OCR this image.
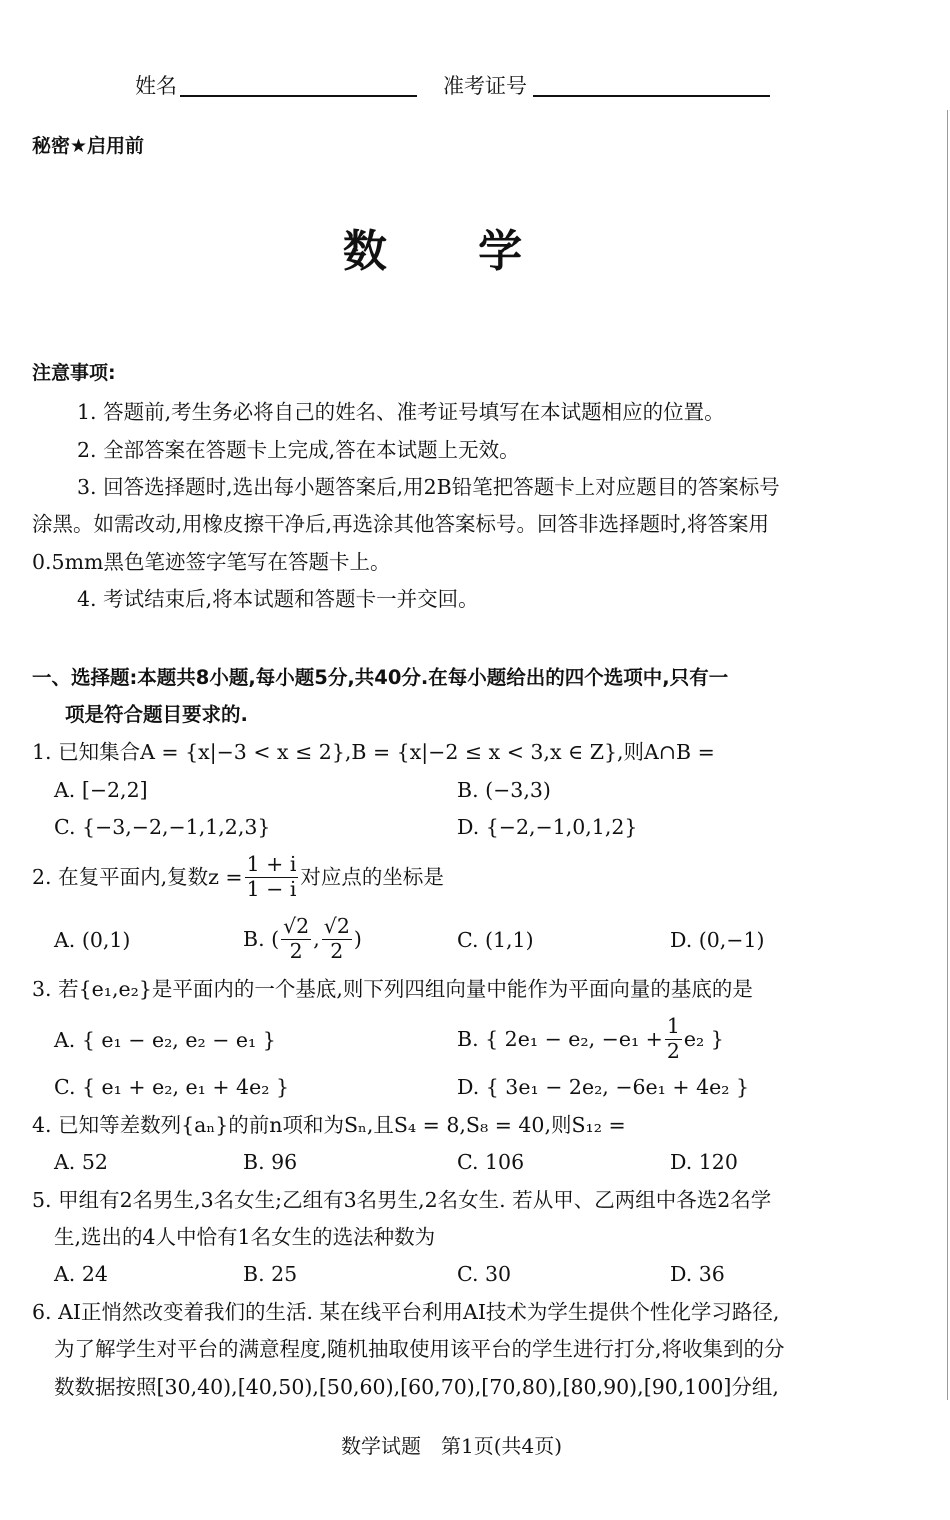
姓名	准考证号
秘密★启用前
数 学
注意事项:
1. 答题前,考生务必将自己的姓名、准考证号填写在本试题相应的位置。
2. 全部答案在答题卡上完成,答在本试题上无效。
3. 回答选择题时,选出每小题答案后,用2B铅笔把答题卡上对应题目的答案标号
涂黑。如需改动,用橡皮擦干净后,再选涂其他答案标号。回答非选择题时,将答案用
0.5mm黑色笔迹签字笔写在答题卡上。
4. 考试结束后,将本试题和答题卡一并交回。
一、选择题:本题共8小题,每小题5分,共40分.在每小题给出的四个选项中,只有一
项是符合题目要求的.
1. 已知集合A = {x|−3 < x ≤ 2},B = {x|−2 ≤ x < 3,x ∈ Z},则A∩B =
A. [−2,2]	B. (−3,3)
C. {−3,−2,−1,1,2,3}	D. {−2,−1,0,1,2}
2. 在复平面内,复数$z = \frac{1 + i}{1 - i}$ 对应点的坐标是
A. (0,1)	B. ( $\frac{√2}{2}$ , $\frac{√2}{2}$ )	C. (1,1)	D. (0,−1)
3. 若{e₁,e₂}是平面内的一个基底,则下列四组向量中能作为平面向量的基底的是
A. { e₁ − e₂, e₂ − e₁ }	B. { 2e₁ − e₂, $-e_1 + \frac{1}{2} e_2$ }
C. { e₁ + e₂, e₁ + 4e₂ }	D. { 3e₁ − 2e₂, −6e₁ + 4e₂ }
4. 已知等差数列{aₙ}的前n项和为Sₙ,且S₄ = 8,S₈ = 40,则S₁₂ =
A. 52	B. 96	C. 106	D. 120
5. 甲组有2名男生,3名女生;乙组有3名男生,2名女生. 若从甲、乙两组中各选2名学
生,选出的4人中恰有1名女生的选法种数为
A. 24	B. 25	C. 30	D. 36
6. AI正悄然改变着我们的生活. 某在线平台利用AI技术为学生提供个性化学习路径,
为了解学生对平台的满意程度,随机抽取使用该平台的学生进行打分,将收集到的分
数数据按照[30,40),[40,50),[50,60),[60,70),[70,80),[80,90),[90,100]分组,
数学试题　第1页(共4页)
